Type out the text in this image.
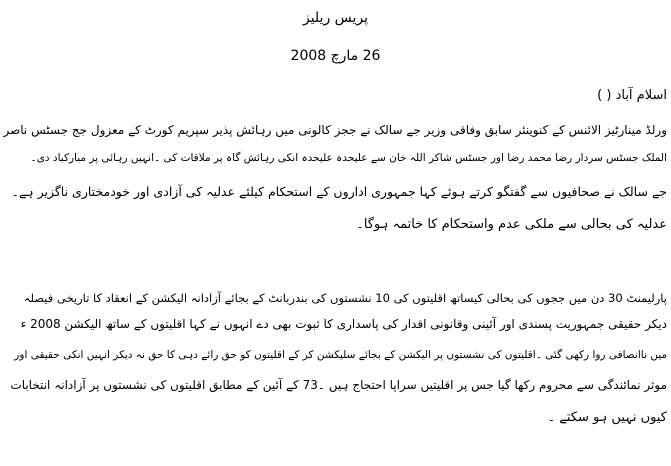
پریس ریلیز
26 مارچ 2008
اسلام آباد ( )
ورلڈ مینارٹیز الائنس کے کنوینئر سابق وفاقی وزیر جے سالک نے ججز کالونی میں رہائش پذیر سپریم کورٹ کے معزول جج جسٹس ناصر
الملک جسٹس سردار رضا محمد رضا اور جسٹس شاکر اللہ خان سے علیحدہ علیحدہ انکی رہائش گاہ پر ملاقات کی ۔انہیں رہائی پر مبارکباد دی۔
جے سالک نے صحافیوں سے گفتگو کرتے ہوئے کہا جمہوری اداروں کے استحکام کیلئے عدلیہ کی آزادی اور خودمختاری ناگزیر ہے۔
عدلیہ کی بحالی سے ملکی عدم واستحکام کا خاتمہ ہوگا۔
پارلیمنٹ 30 دن میں ججوں کی بحالی کیساتھ اقلیتوں کی 10 نشستوں کی بندربانٹ کے بجائے آزادانہ الیکشن کے انعقاد کا تاریخی فیصلہ
دیکر حقیقی جمہوریت پسندی اور آئینی وقانونی اقدار کی پاسداری کا ثبوت بھی دے انہوں نے کہا اقلیتوں کے ساتھ الیکشن 2008 ء
میں ناانصافی روا رکھی گئی ۔اقلیتوں کی نشستوں پر الیکشن کے بجائے سلیکشن کر کے اقلیتوں کو حق رائے دہی کا حق نہ دیکر انہیں انکی حقیقی اور
موثر نمائندگی سے محروم رکھا گیا جس پر اقلیتیں سراپا احتجاج ہیں ۔73 کے آئین کے مطابق اقلیتوں کی نشستوں پر آزادانہ انتخابات
کیوں نہیں ہو سکتے ۔
